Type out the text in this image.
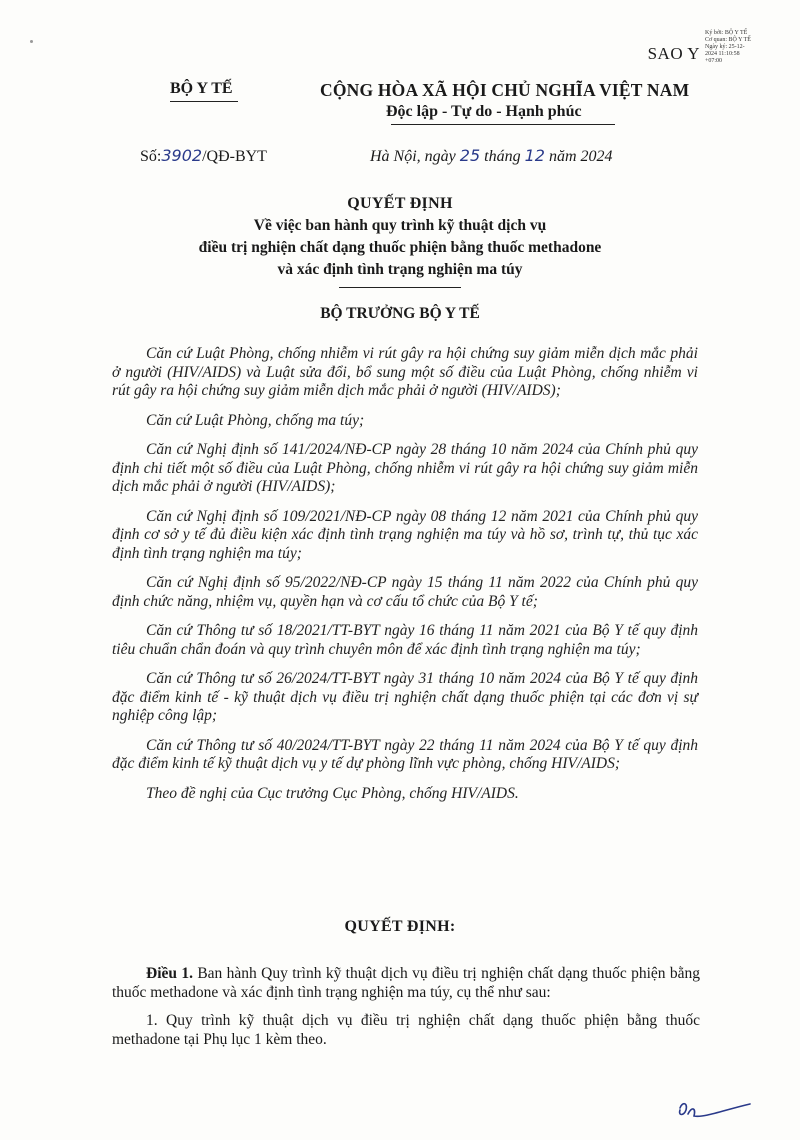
SAO Y
Ký bởi: BỘ Y TẾ
Cơ quan: BỘ Y TẾ
Ngày ký: 25-12-
2024 11:10:58
+07:00
BỘ Y TẾ	CỘNG HÒA XÃ HỘI CHỦ NGHĨA VIỆT NAM
Độc lập - Tự do - Hạnh phúc
Số:3902/QĐ-BYT	Hà Nội, ngày 25 tháng 12 năm 2024
QUYẾT ĐỊNH
Về việc ban hành quy trình kỹ thuật dịch vụ
điều trị nghiện chất dạng thuốc phiện bằng thuốc methadone
và xác định tình trạng nghiện ma túy
BỘ TRƯỞNG BỘ Y TẾ

Căn cứ Luật Phòng, chống nhiễm vi rút gây ra hội chứng suy giảm miễn dịch mắc phải ở người (HIV/AIDS) và Luật sửa đổi, bổ sung một số điều của Luật Phòng, chống nhiễm vi rút gây ra hội chứng suy giảm miễn dịch mắc phải ở người (HIV/AIDS);

Căn cứ Luật Phòng, chống ma túy;

Căn cứ Nghị định số 141/2024/NĐ-CP ngày 28 tháng 10 năm 2024 của Chính phủ quy định chi tiết một số điều của Luật Phòng, chống nhiễm vi rút gây ra hội chứng suy giảm miễn dịch mắc phải ở người (HIV/AIDS);

Căn cứ Nghị định số 109/2021/NĐ-CP ngày 08 tháng 12 năm 2021 của Chính phủ quy định cơ sở y tế đủ điều kiện xác định tình trạng nghiện ma túy và hồ sơ, trình tự, thủ tục xác định tình trạng nghiện ma túy;

Căn cứ Nghị định số 95/2022/NĐ-CP ngày 15 tháng 11 năm 2022 của Chính phủ quy định chức năng, nhiệm vụ, quyền hạn và cơ cấu tổ chức của Bộ Y tế;

Căn cứ Thông tư số 18/2021/TT-BYT ngày 16 tháng 11 năm 2021 của Bộ Y tế quy định tiêu chuẩn chẩn đoán và quy trình chuyên môn để xác định tình trạng nghiện ma túy;

Căn cứ Thông tư số 26/2024/TT-BYT ngày 31 tháng 10 năm 2024 của Bộ Y tế quy định đặc điểm kinh tế - kỹ thuật dịch vụ điều trị nghiện chất dạng thuốc phiện tại các đơn vị sự nghiệp công lập;

Căn cứ Thông tư số 40/2024/TT-BYT ngày 22 tháng 11 năm 2024 của Bộ Y tế quy định đặc điểm kinh tế kỹ thuật dịch vụ y tế dự phòng lĩnh vực phòng, chống HIV/AIDS;

Theo đề nghị của Cục trưởng Cục Phòng, chống HIV/AIDS.

QUYẾT ĐỊNH:

Điều 1. Ban hành Quy trình kỹ thuật dịch vụ điều trị nghiện chất dạng thuốc phiện bằng thuốc methadone và xác định tình trạng nghiện ma túy, cụ thể như sau:

1. Quy trình kỹ thuật dịch vụ điều trị nghiện chất dạng thuốc phiện bằng thuốc methadone tại Phụ lục 1 kèm theo.
